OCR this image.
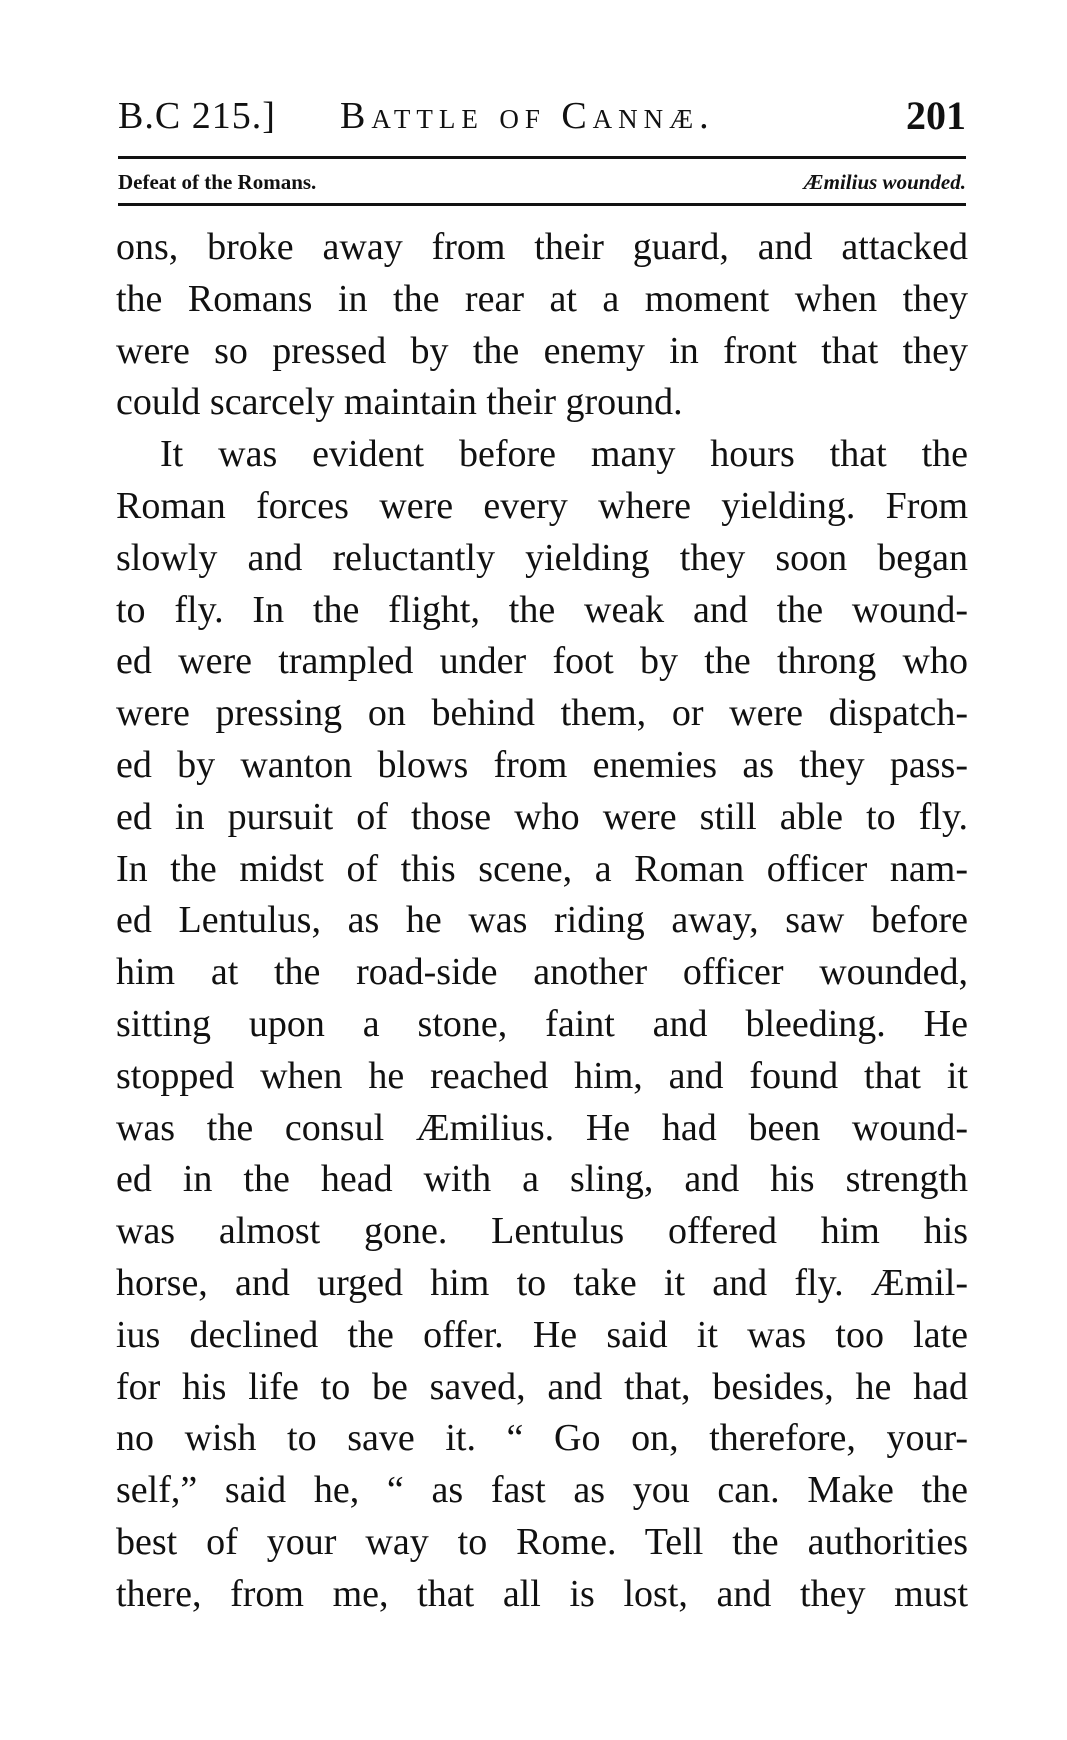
B.C 215.] Battle of Cannæ.	201
Defeat of the Romans.	Æmilius wounded.
ons, broke away from their guard, and attacked
the Romans in the rear at a moment when they
were so pressed by the enemy in front that they
could scarcely maintain their ground.
It was evident before many hours that the
Roman forces were every where yielding. From
slowly and reluctantly yielding they soon began
to fly. In the flight, the weak and the wound-
ed were trampled under foot by the throng who
were pressing on behind them, or were dispatch-
ed by wanton blows from enemies as they pass-
ed in pursuit of those who were still able to fly.
In the midst of this scene, a Roman officer nam-
ed Lentulus, as he was riding away, saw before
him at the road-side another officer wounded,
sitting upon a stone, faint and bleeding. He
stopped when he reached him, and found that it
was the consul Æmilius. He had been wound-
ed in the head with a sling, and his strength
was almost gone. Lentulus offered him his
horse, and urged him to take it and fly. Æmil-
ius declined the offer. He said it was too late
for his life to be saved, and that, besides, he had
no wish to save it. “ Go on, therefore, your-
self,” said he, “ as fast as you can. Make the
best of your way to Rome. Tell the authorities
there, from me, that all is lost, and they must
